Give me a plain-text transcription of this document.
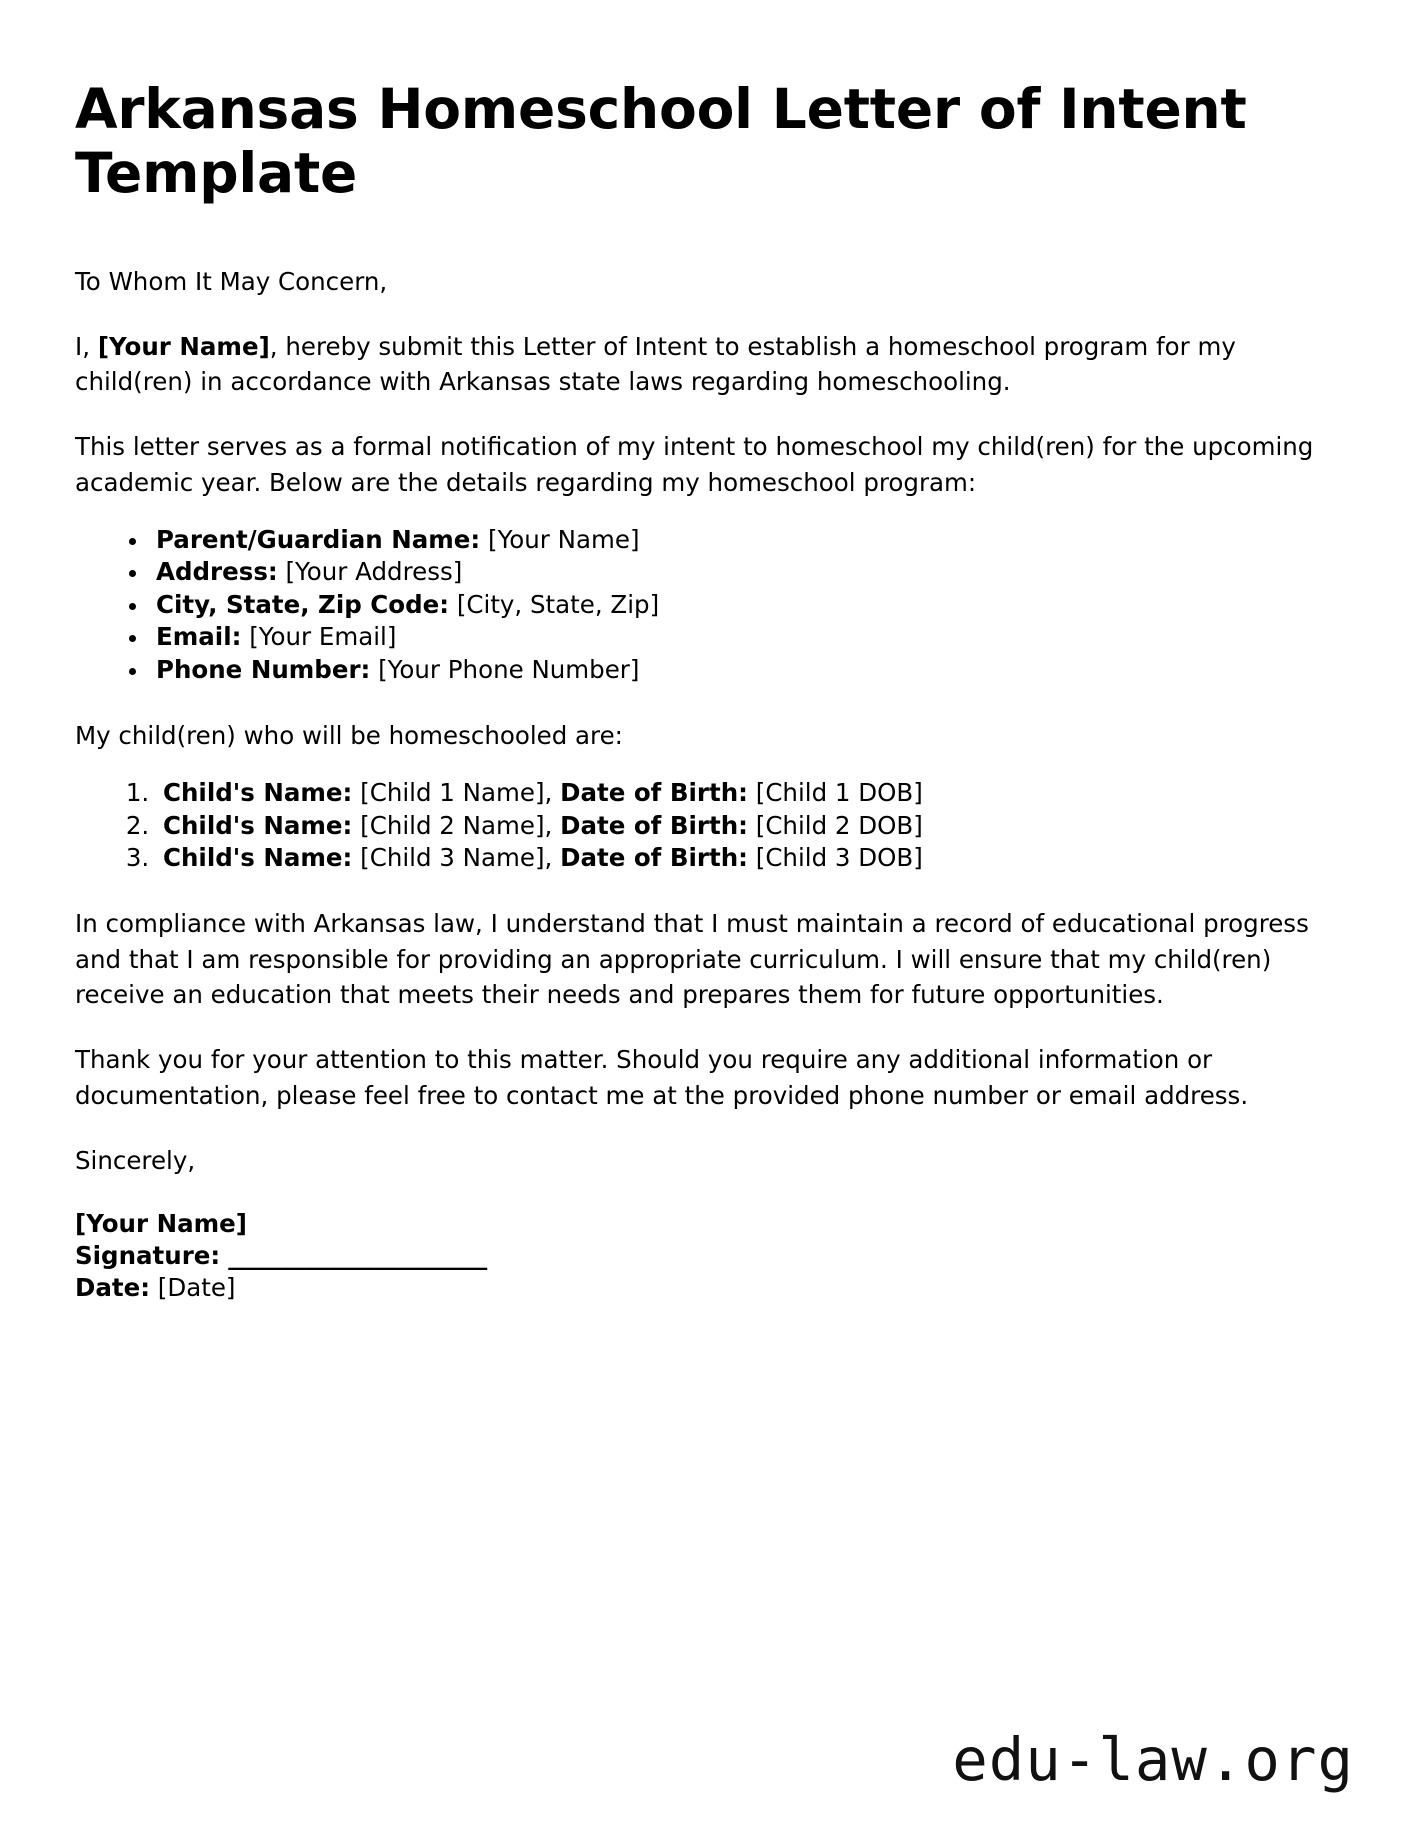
Arkansas Homeschool Letter of Intent Template

To Whom It May Concern,

I, [Your Name], hereby submit this Letter of Intent to establish a homeschool program for my child(ren) in accordance with Arkansas state laws regarding homeschooling.

This letter serves as a formal notification of my intent to homeschool my child(ren) for the upcoming academic year. Below are the details regarding my homeschool program:

• Parent/Guardian Name: [Your Name]
• Address: [Your Address]
• City, State, Zip Code: [City, State, Zip]
• Email: [Your Email]
• Phone Number: [Your Phone Number]

My child(ren) who will be homeschooled are:

1. Child's Name: [Child 1 Name], Date of Birth: [Child 1 DOB]
2. Child's Name: [Child 2 Name], Date of Birth: [Child 2 DOB]
3. Child's Name: [Child 3 Name], Date of Birth: [Child 3 DOB]

In compliance with Arkansas law, I understand that I must maintain a record of educational progress and that I am responsible for providing an appropriate curriculum. I will ensure that my child(ren) receive an education that meets their needs and prepares them for future opportunities.

Thank you for your attention to this matter. Should you require any additional information or documentation, please feel free to contact me at the provided phone number or email address.

Sincerely,

[Your Name]
Signature: ______________________
Date: [Date]
edu-law.org
